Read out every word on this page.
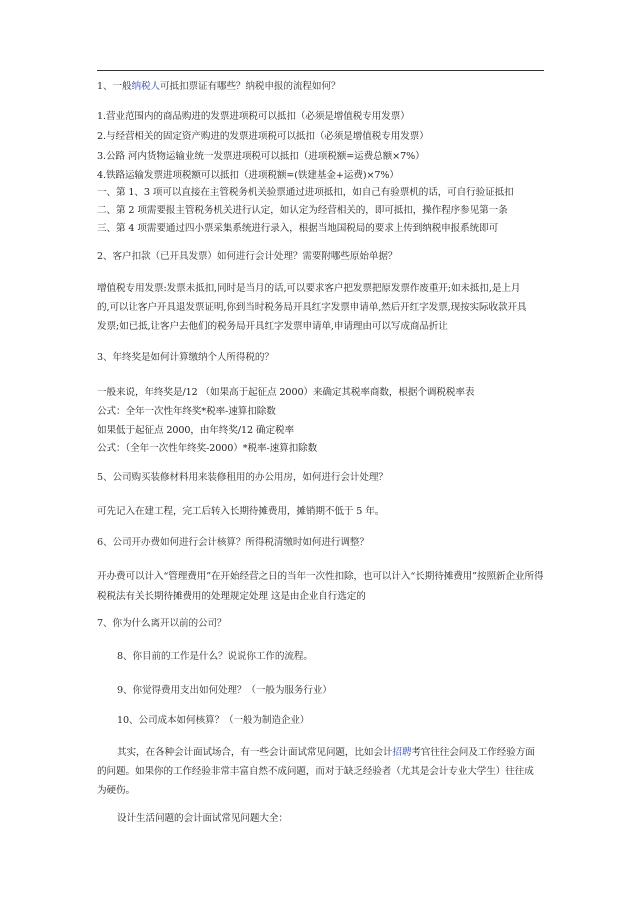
1、一般纳税人可抵扣票证有哪些？纳税申报的流程如何？
1.营业范围内的商品购进的发票进项税可以抵扣（必须是增值税专用发票）
2.与经营相关的固定资产购进的发票进项税可以抵扣（必须是增值税专用发票）
3.公路 河内货物运输业统一发票进项税可以抵扣（进项税额=运费总额×7%）
4.铁路运输发票进项税额可以抵扣（进项税额=(铁建基金+运费)×7%）
一、第 1、3 项可以直接在主管税务机关验票通过进项抵扣，如自己有验票机的话，可自行验证抵扣
二、第 2 项需要报主管税务机关进行认定，如认定为经营相关的，即可抵扣，操作程序参见第一条
三、第 4 项需要通过四小票采集系统进行录入，根据当地国税局的要求上传到纳税申报系统即可
2、客户扣款（已开具发票）如何进行会计处理？需要附哪些原始单据？
增值税专用发票:发票未抵扣,同时是当月的话,可以要求客户把发票把原发票作废重开;如未抵扣,是上月
的,可以让客户开具退发票证明,你到当时税务局开具红字发票申请单,然后开红字发票,现按实际收款开具
发票;如已抵,让客户去他们的税务局开具红字发票申请单,申请理由可以写成商品折让
3、年终奖是如何计算缴纳个人所得税的？
一般来说，年终奖是/12 （如果高于起征点 2000）来确定其税率商数，根据个调税税率表
公式：全年一次性年终奖*税率-速算扣除数
如果低于起征点 2000，由年终奖/12 确定税率
公式：（全年一次性年终奖-2000）*税率-速算扣除数
5、公司购买装修材料用来装修租用的办公用房，如何进行会计处理？
可先记入在建工程，完工后转入长期待摊费用，摊销期不低于 5 年。
6、公司开办费如何进行会计核算？所得税清缴时如何进行调整？
开办费可以计入“管理费用”在开始经营之日的当年一次性扣除，也可以计入“长期待摊费用”按照新企业所得
税税法有关长期待摊费用的处理规定处理 这是由企业自行选定的
7、你为什么离开以前的公司？
8、你目前的工作是什么？说说你工作的流程。
9、你觉得费用支出如何处理？（一般为服务行业）
10、公司成本如何核算？（一般为制造企业）
其实，在各种会计面试场合，有一些会计面试常见问题，比如会计招聘考官往往会问及工作经验方面
的问题。如果你的工作经验非常丰富自然不成问题，而对于缺乏经验者（尤其是会计专业大学生）往往成
为硬伤。
设计生活问题的会计面试常见问题大全：
